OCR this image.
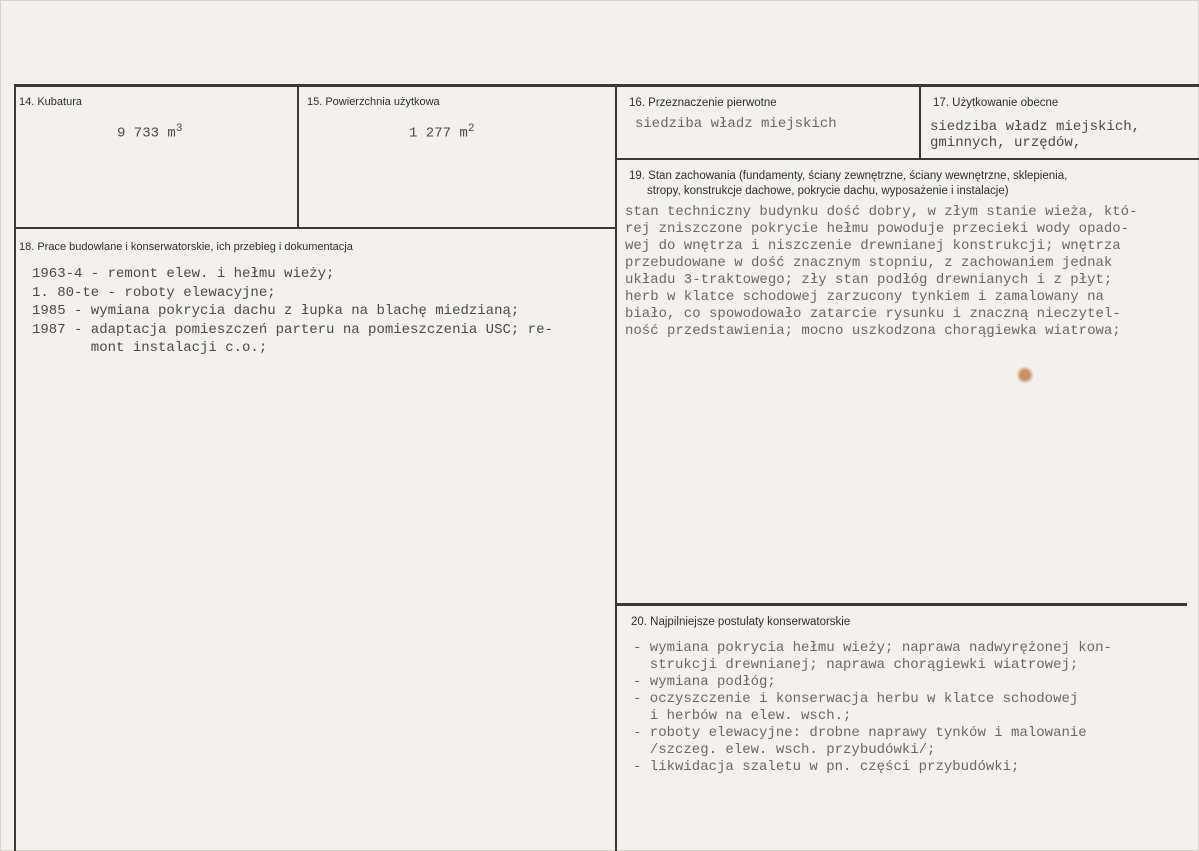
14. Kubatura
9 733 $m^3$
15. Powierzchnia użytkowa
1 277 $m^2$
16. Przeznaczenie pierwotne
siedziba władz miejskich
17. Użytkowanie obecne
siedziba władz miejskich,
gminnych, urzędów,
18. Prace budowlane i konserwatorskie, ich przebieg i dokumentacja
1963-4 - remont elew. i hełmu wieży;
1. 80-te - roboty elewacyjne;
1985 - wymiana pokrycia dachu z łupka na blachę miedzianą;
1987 - adaptacja pomieszczeń parteru na pomieszczenia USC; re-
mont instalacji c.o.;
19. Stan zachowania (fundamenty, ściany zewnętrzne, ściany wewnętrzne, sklepienia,
stropy, konstrukcje dachowe, pokrycie dachu, wyposażenie i instalacje)
stan techniczny budynku dość dobry, w złym stanie wieża, któ-
rej zniszczone pokrycie hełmu powoduje przecieki wody opado-
wej do wnętrza i niszczenie drewnianej konstrukcji; wnętrza
przebudowane w dość znacznym stopniu, z zachowaniem jednak
układu 3-traktowego; zły stan podłóg drewnianych i z płyt;
herb w klatce schodowej zarzucony tynkiem i zamalowany na
biało, co spowodowało zatarcie rysunku i znaczną nieczytel-
ność przedstawienia; mocno uszkodzona chorągiewka wiatrowa;
20. Najpilniejsze postulaty konserwatorskie
- wymiana pokrycia hełmu wieży; naprawa nadwyrężonej kon-
strukcji drewnianej; naprawa chorągiewki wiatrowej;
- wymiana podłóg;
- oczyszczenie i konserwacja herbu w klatce schodowej
i herbów na elew. wsch.;
- roboty elewacyjne: drobne naprawy tynków i malowanie
/szczeg. elew. wsch. przybudówki/;
- likwidacja szaletu w pn. części przybudówki;
